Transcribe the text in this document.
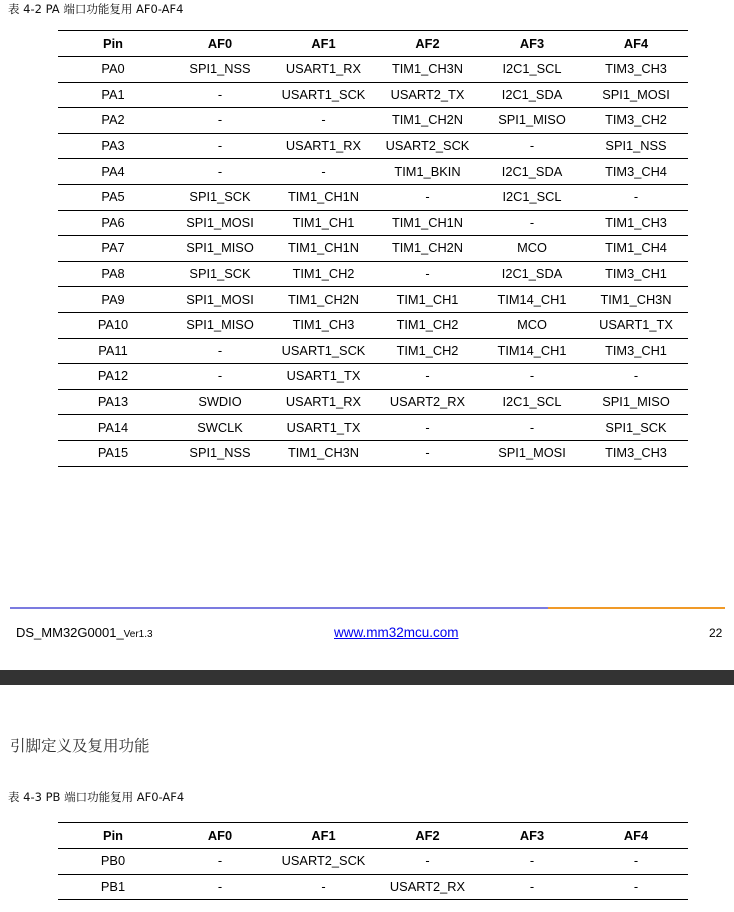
表 4-2 PA 端口功能复用 AF0-AF4
Pin	AF0	AF1	AF2	AF3	AF4
PA0	SPI1_NSS	USART1_RX	TIM1_CH3N	I2C1_SCL	TIM3_CH3
PA1	-	USART1_SCK	USART2_TX	I2C1_SDA	SPI1_MOSI
PA2	-	-	TIM1_CH2N	SPI1_MISO	TIM3_CH2
PA3	-	USART1_RX	USART2_SCK	-	SPI1_NSS
PA4	-	-	TIM1_BKIN	I2C1_SDA	TIM3_CH4
PA5	SPI1_SCK	TIM1_CH1N	-	I2C1_SCL	-
PA6	SPI1_MOSI	TIM1_CH1	TIM1_CH1N	-	TIM1_CH3
PA7	SPI1_MISO	TIM1_CH1N	TIM1_CH2N	MCO	TIM1_CH4
PA8	SPI1_SCK	TIM1_CH2	-	I2C1_SDA	TIM3_CH1
PA9	SPI1_MOSI	TIM1_CH2N	TIM1_CH1	TIM14_CH1	TIM1_CH3N
PA10	SPI1_MISO	TIM1_CH3	TIM1_CH2	MCO	USART1_TX
PA11	-	USART1_SCK	TIM1_CH2	TIM14_CH1	TIM3_CH1
PA12	-	USART1_TX	-	-	-
PA13	SWDIO	USART1_RX	USART2_RX	I2C1_SCL	SPI1_MISO
PA14	SWCLK	USART1_TX	-	-	SPI1_SCK
PA15	SPI1_NSS	TIM1_CH3N	-	SPI1_MOSI	TIM3_CH3
DS_MM32G0001_Ver1.3	www.mm32mcu.com	22
引脚定义及复用功能
表 4-3 PB 端口功能复用 AF0-AF4
Pin	AF0	AF1	AF2	AF3	AF4
PB0	-	USART2_SCK	-	-	-
PB1	-	-	USART2_RX	-	-
